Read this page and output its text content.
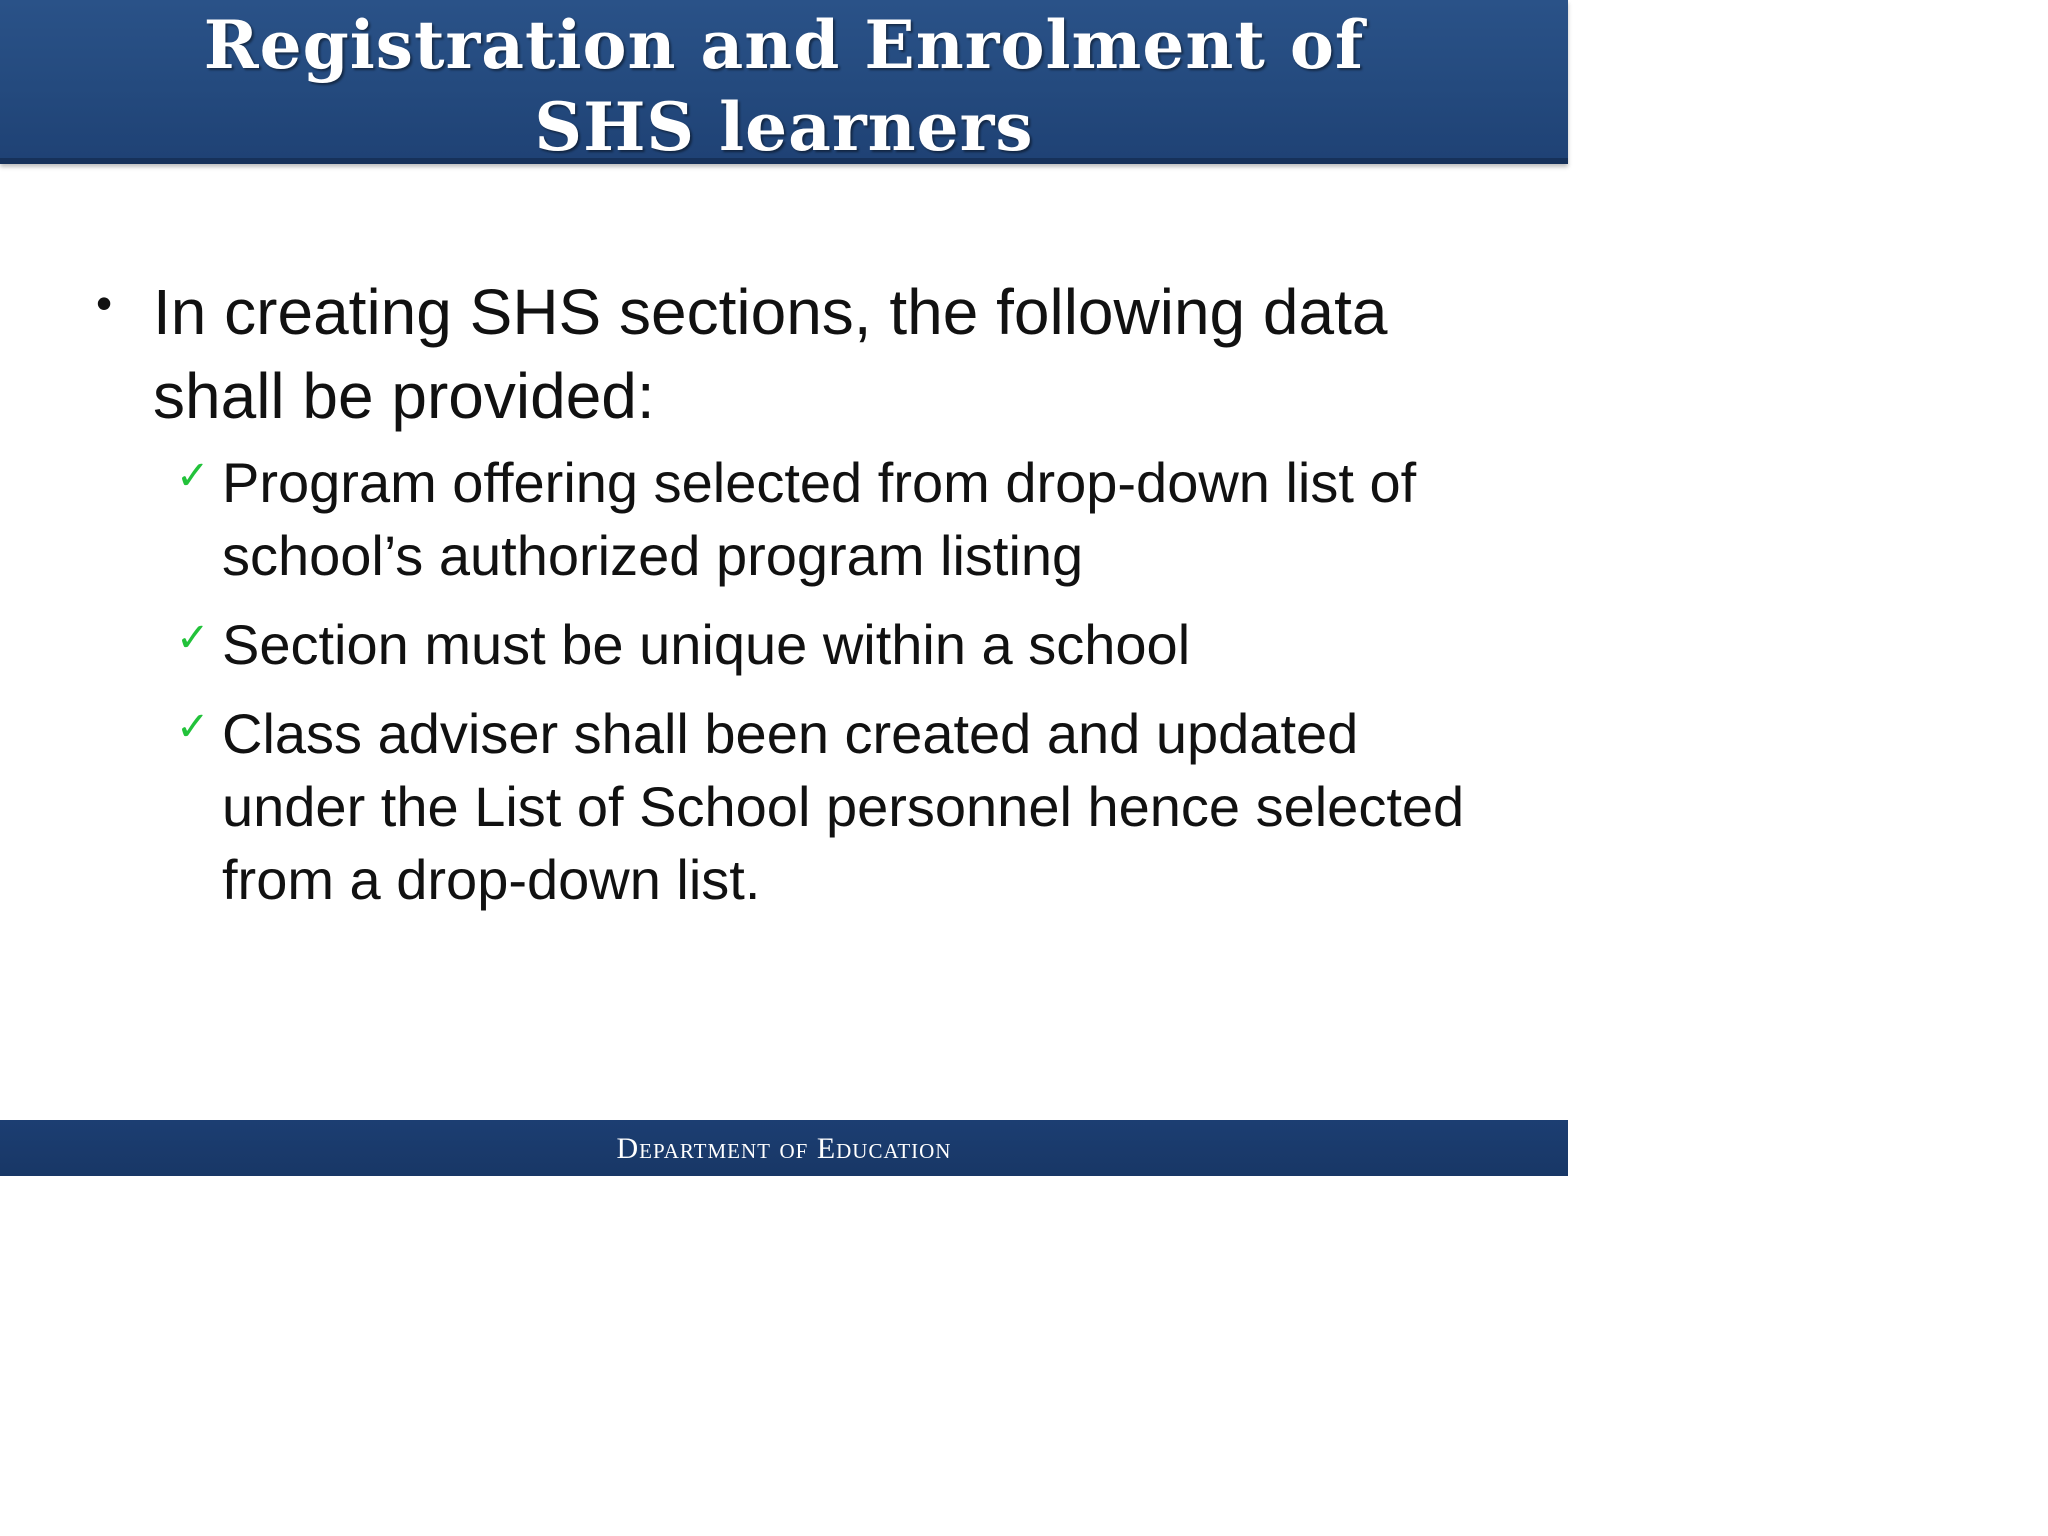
Registration and Enrolment of
SHS learners
• In creating SHS sections, the following data shall be provided:
✓ Program offering selected from drop-down list of school’s authorized program listing
✓ Section must be unique within a school
✓ Class adviser shall been created and updated under the List of School personnel hence selected from a drop-down list.
Department of Education
